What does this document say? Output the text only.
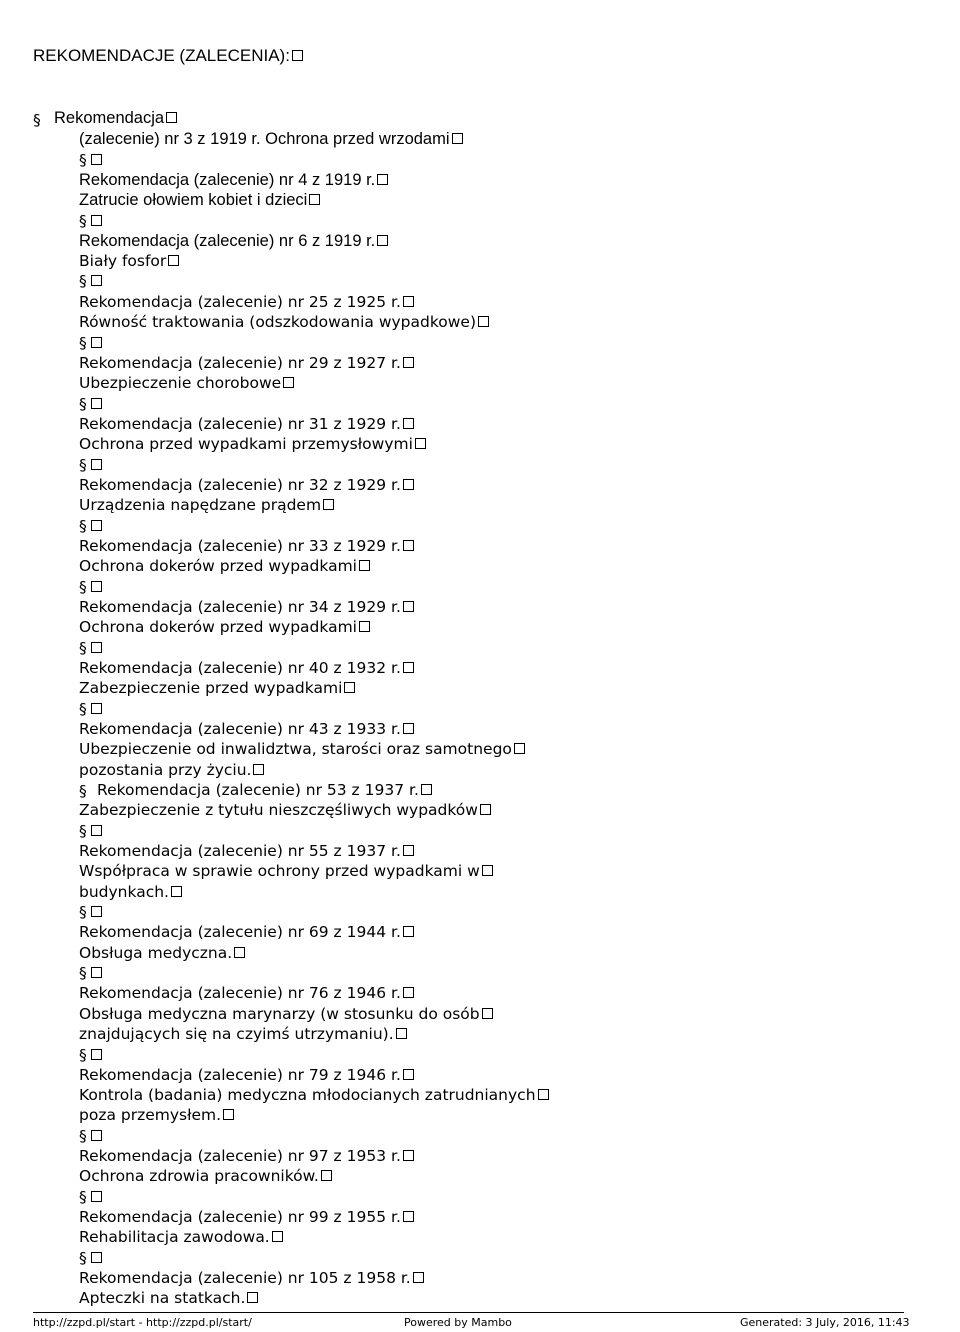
REKOMENDACJE (ZALECENIA):
§ Rekomendacja
(zalecenie) nr 3 z 1919 r. Ochrona przed wrzodami
§
Rekomendacja (zalecenie) nr 4 z 1919 r.
Zatrucie ołowiem kobiet i dzieci
§
Rekomendacja (zalecenie) nr 6 z 1919 r.
Biały fosfor
§
Rekomendacja (zalecenie) nr 25 z 1925 r.
Równość traktowania (odszkodowania wypadkowe)
§
Rekomendacja (zalecenie) nr 29 z 1927 r.
Ubezpieczenie chorobowe
§
Rekomendacja (zalecenie) nr 31 z 1929 r.
Ochrona przed wypadkami przemysłowymi
§
Rekomendacja (zalecenie) nr 32 z 1929 r.
Urządzenia napędzane prądem
§
Rekomendacja (zalecenie) nr 33 z 1929 r.
Ochrona dokerów przed wypadkami
§
Rekomendacja (zalecenie) nr 34 z 1929 r.
Ochrona dokerów przed wypadkami
§
Rekomendacja (zalecenie) nr 40 z 1932 r.
Zabezpieczenie przed wypadkami
§
Rekomendacja (zalecenie) nr 43 z 1933 r.
Ubezpieczenie od inwalidztwa, starości oraz samotnego
pozostania przy życiu.
§ Rekomendacja (zalecenie) nr 53 z 1937 r.
Zabezpieczenie z tytułu nieszczęśliwych wypadków
§
Rekomendacja (zalecenie) nr 55 z 1937 r.
Współpraca w sprawie ochrony przed wypadkami w
budynkach.
§
Rekomendacja (zalecenie) nr 69 z 1944 r.
Obsługa medyczna.
§
Rekomendacja (zalecenie) nr 76 z 1946 r.
Obsługa medyczna marynarzy (w stosunku do osób
znajdujących się na czyimś utrzymaniu).
§
Rekomendacja (zalecenie) nr 79 z 1946 r.
Kontrola (badania) medyczna młodocianych zatrudnianych
poza przemysłem.
§
Rekomendacja (zalecenie) nr 97 z 1953 r.
Ochrona zdrowia pracowników.
§
Rekomendacja (zalecenie) nr 99 z 1955 r.
Rehabilitacja zawodowa.
§
Rekomendacja (zalecenie) nr 105 z 1958 r.
Apteczki na statkach.
http://zzpd.pl/start - http://zzpd.pl/start/	Powered by Mambo	Generated: 3 July, 2016, 11:43
